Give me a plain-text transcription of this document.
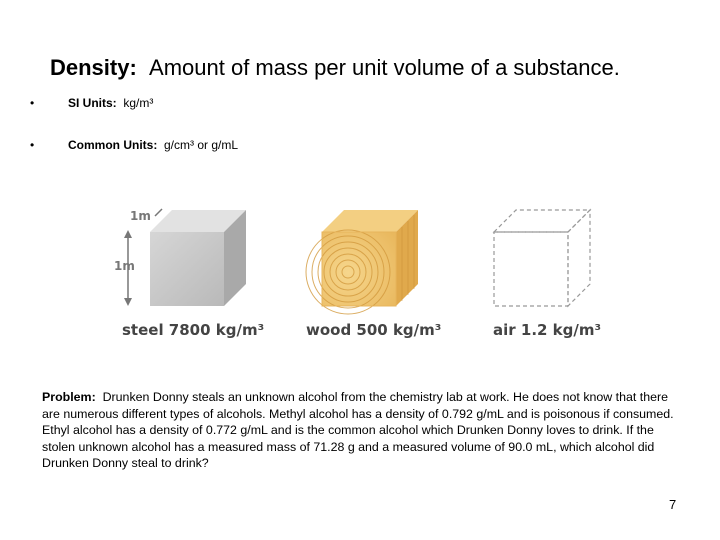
Density: Amount of mass per unit volume of a substance.
•	SI Units: kg/m³
•	Common Units: g/cm³ or g/mL
1m
1m
steel 7800 kg/m³	wood 500 kg/m³	air 1.2 kg/m³
Problem: Drunken Donny steals an unknown alcohol from the chemistry lab at work. He does not know that there are numerous different types of alcohols. Methyl alcohol has a density of 0.792 g/mL and is poisonous if consumed. Ethyl alcohol has a density of 0.772 g/mL and is the common alcohol which Drunken Donny loves to drink. If the stolen unknown alcohol has a measured mass of 71.28 g and a measured volume of 90.0 mL, which alcohol did Drunken Donny steal to drink?
7
